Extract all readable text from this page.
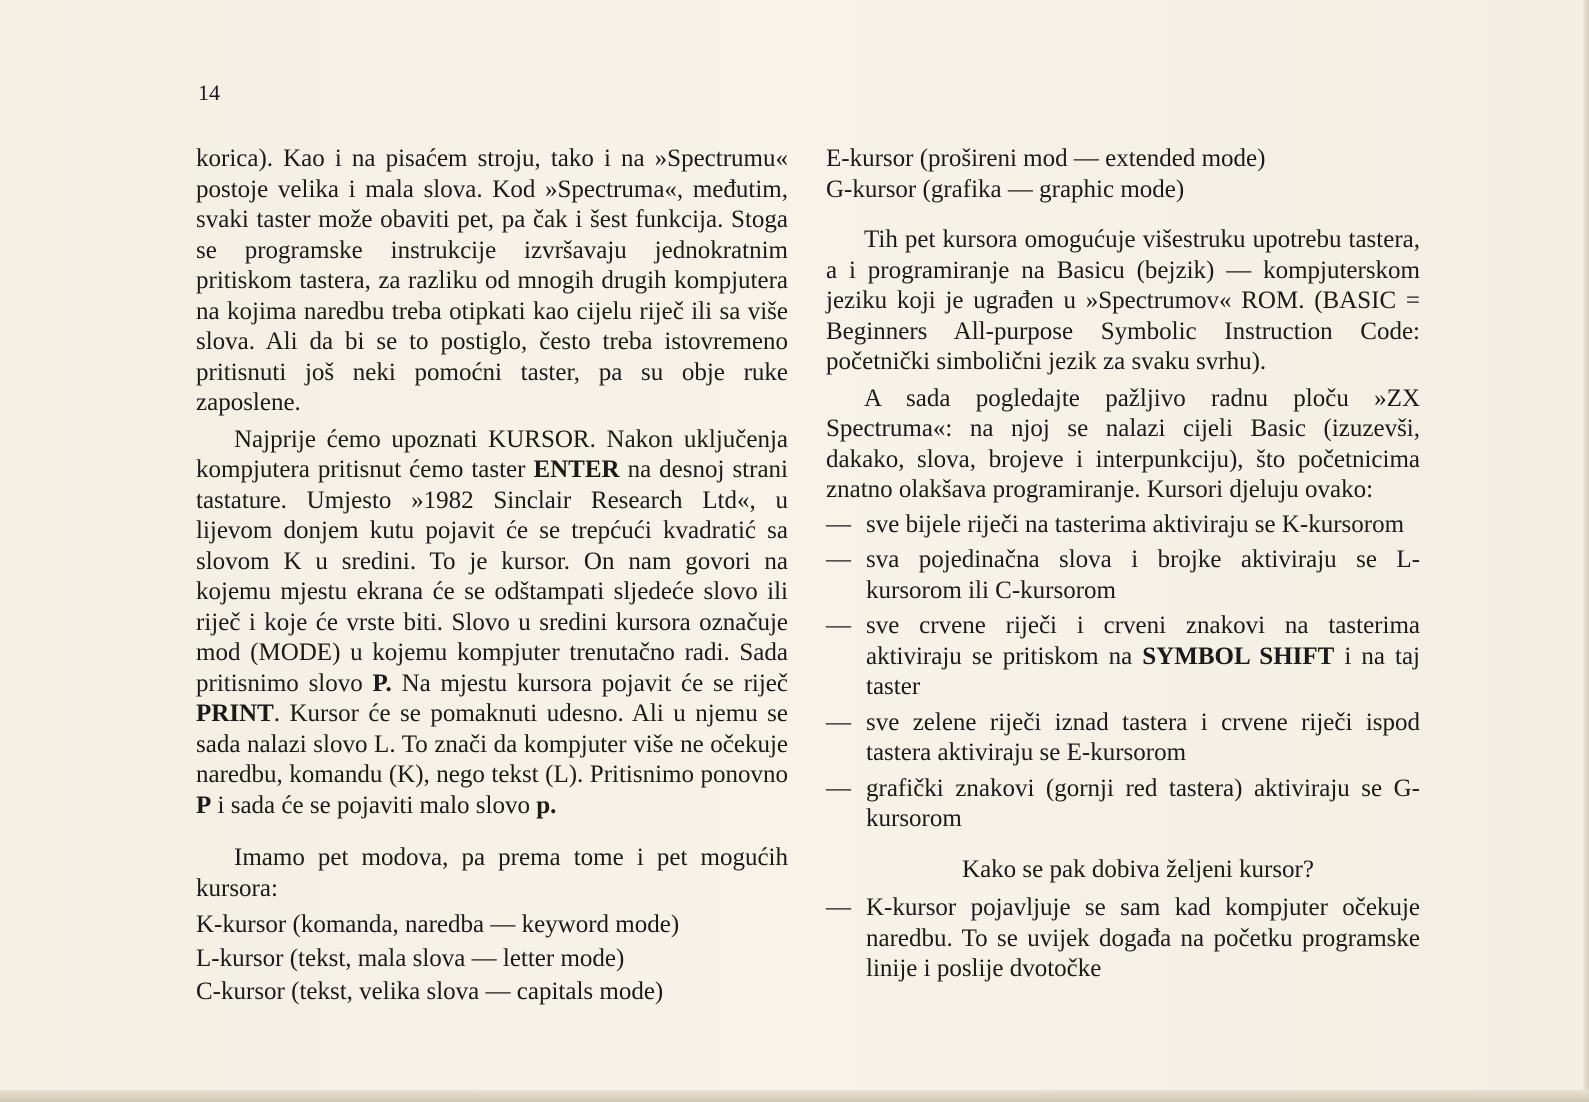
14

korica). Kao i na pisaćem stroju, tako i na »Spectrumu« postoje velika i mala slova. Kod »Spectruma«, međutim, svaki taster može obaviti pet, pa čak i šest funkcija. Stoga se programske instrukcije izvršavaju jednokratnim pritiskom tastera, za razliku od mnogih drugih kompjutera na kojima naredbu treba otipkati kao cijelu riječ ili sa više slova. Ali da bi se to postiglo, često treba istovremeno pritisnuti još neki pomoćni taster, pa su obje ruke zaposlene.

Najprije ćemo upoznati KURSOR. Nakon uključenja kompjutera pritisnut ćemo taster ENTER na desnoj strani tastature. Umjesto »1982 Sinclair Research Ltd«, u lijevom donjem kutu pojavit će se trepćući kvadratić sa slovom K u sredini. To je kursor. On nam govori na kojemu mjestu ekrana će se odštampati sljedeće slovo ili riječ i koje će vrste biti. Slovo u sredini kursora označuje mod (MODE) u kojemu kompjuter trenutačno radi. Sada pritisnimo slovo P. Na mjestu kursora pojavit će se riječ PRINT. Kursor će se pomaknuti udesno. Ali u njemu se sada nalazi slovo L. To znači da kompjuter više ne očekuje naredbu, komandu (K), nego tekst (L). Pritisnimo ponovno P i sada će se pojaviti malo slovo p.

Imamo pet modova, pa prema tome i pet mogućih kursora:

K-kursor (komanda, naredba — keyword mode)

L-kursor (tekst, mala slova — letter mode)

C-kursor (tekst, velika slova — capitals mode)

E-kursor (prošireni mod — extended mode)

G-kursor (grafika — graphic mode)

Tih pet kursora omogućuje višestruku upotrebu tastera, a i programiranje na Basicu (bejzik) — kompjuterskom jeziku koji je ugrađen u »Spectrumov« ROM. (BASIC = Beginners All-purpose Symbolic Instruction Code: početnički simbolični jezik za svaku svrhu).

A sada pogledajte pažljivo radnu ploču »ZX Spectruma«: na njoj se nalazi cijeli Basic (izuzevši, dakako, slova, brojeve i interpunkciju), što početnicima znatno olakšava programiranje. Kursori djeluju ovako:

— sve bijele riječi na tasterima aktiviraju se K-kursorom
— sva pojedinačna slova i brojke aktiviraju se L-kursorom ili C-kursorom
— sve crvene riječi i crveni znakovi na tasterima aktiviraju se pritiskom na SYMBOL SHIFT i na taj taster
— sve zelene riječi iznad tastera i crvene riječi ispod tastera aktiviraju se E-kursorom
— grafički znakovi (gornji red tastera) aktiviraju se G-kursorom

Kako se pak dobiva željeni kursor?

— K-kursor pojavljuje se sam kad kompjuter očekuje naredbu. To se uvijek događa na početku programske linije i poslije dvotočke
